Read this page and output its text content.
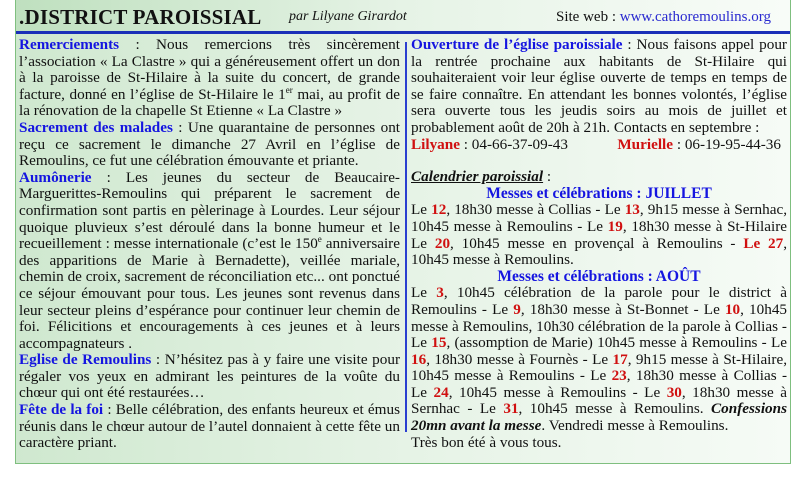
.DISTRICT PAROISSIAL par Lilyane Girardot	Site web : www.cathoremoulins.org

Remerciements : Nous remercions très sincèrement l’association « La Clastre » qui a généreusement offert un don à la paroisse de St-Hilaire à la suite du concert, de grande facture, donné en l’église de St-Hilaire le 1er mai, au profit de la rénovation de la chapelle St Etienne « La Clastre »

Sacrement des malades : Une quarantaine de personnes ont reçu ce sacrement le dimanche 27 Avril en l’église de Remoulins, ce fut une célébration émouvante et priante.

Aumônerie : Les jeunes du secteur de Beaucaire-Marguerittes-Remoulins qui préparent le sacrement de confirmation sont partis en pèlerinage à Lourdes. Leur séjour quoique pluvieux s’est déroulé dans la bonne humeur et le recueillement : messe internationale (c’est le 150e anniversaire des apparitions de Marie à Bernadette), veillée mariale, chemin de croix, sacrement de réconciliation etc... ont ponctué ce séjour émouvant pour tous. Les jeunes sont revenus dans leur secteur pleins d’espérance pour continuer leur chemin de foi. Félicitions et encouragements à ces jeunes et à leurs accompagnateurs .

Eglise de Remoulins : N’hésitez pas à y faire une visite pour régaler vos yeux en admirant les peintures de la voûte du chœur qui ont été restaurées…

Fête de la foi : Belle célébration, des enfants heureux et émus réunis dans le chœur autour de l’autel donnaient à cette fête un caractère priant.

Ouverture de l’église paroissiale : Nous faisons appel pour la rentrée prochaine aux habitants de St-Hilaire qui souhaiteraient voir leur église ouverte de temps en temps de se faire connaître. En attendant les bonnes volontés, l’église sera ouverte tous les jeudis soirs au mois de juillet et probablement août de 20h à 21h. Contacts en septembre :

Lilyane : 04-66-37-09-43	Murielle : 06-19-95-44-36

Calendrier paroissial :

Messes et célébrations : JUILLET

Le 12, 18h30 messe à Collias - Le 13, 9h15 messe à Sernhac, 10h45 messe à Remoulins - Le 19, 18h30 messe à St-Hilaire Le 20, 10h45 messe en provençal à Remoulins - Le 27, 10h45 messe à Remoulins.

Messes et célébrations : AOÛT

Le 3, 10h45 célébration de la parole pour le district à Remoulins - Le 9, 18h30 messe à St-Bonnet - Le 10, 10h45 messe à Remoulins, 10h30 célébration de la parole à Collias - Le 15, (assomption de Marie) 10h45 messe à Remoulins - Le 16, 18h30 messe à Fournès - Le 17, 9h15 messe à St-Hilaire, 10h45 messe à Remoulins - Le 23, 18h30 messe à Collias - Le 24, 10h45 messe à Remoulins - Le 30, 18h30 messe à Sernhac - Le 31, 10h45 messe à Remoulins. Confessions 20mn avant la messe. Vendredi messe à Remoulins.

Très bon été à vous tous.
